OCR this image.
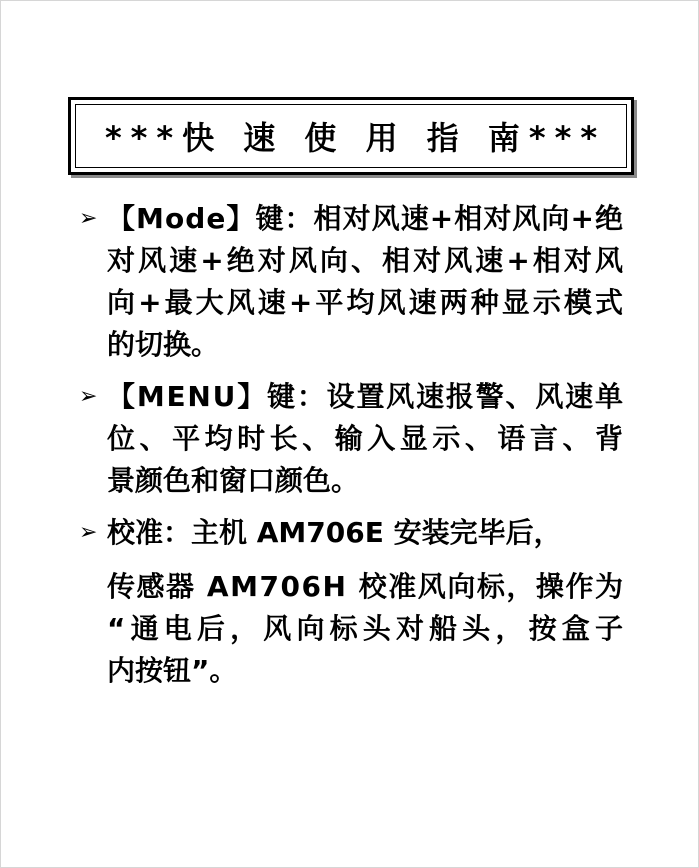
***快 速 使 用 指 南***
➢ 【Mode】键：相对风速+相对风向+绝
对风速+绝对风向、相对风速+相对风
向+最大风速+平均风速两种显示模式
的切换。
➢ 【MENU】键：设置风速报警、风速单
位、平均时长、输入显示、语言、背
景颜色和窗口颜色。
➢ 校准：主机 AM706E 安装完毕后，
传感器 AM706H 校准风向标，操作为
“通电后，风向标头对船头，按盒子
内按钮”。
